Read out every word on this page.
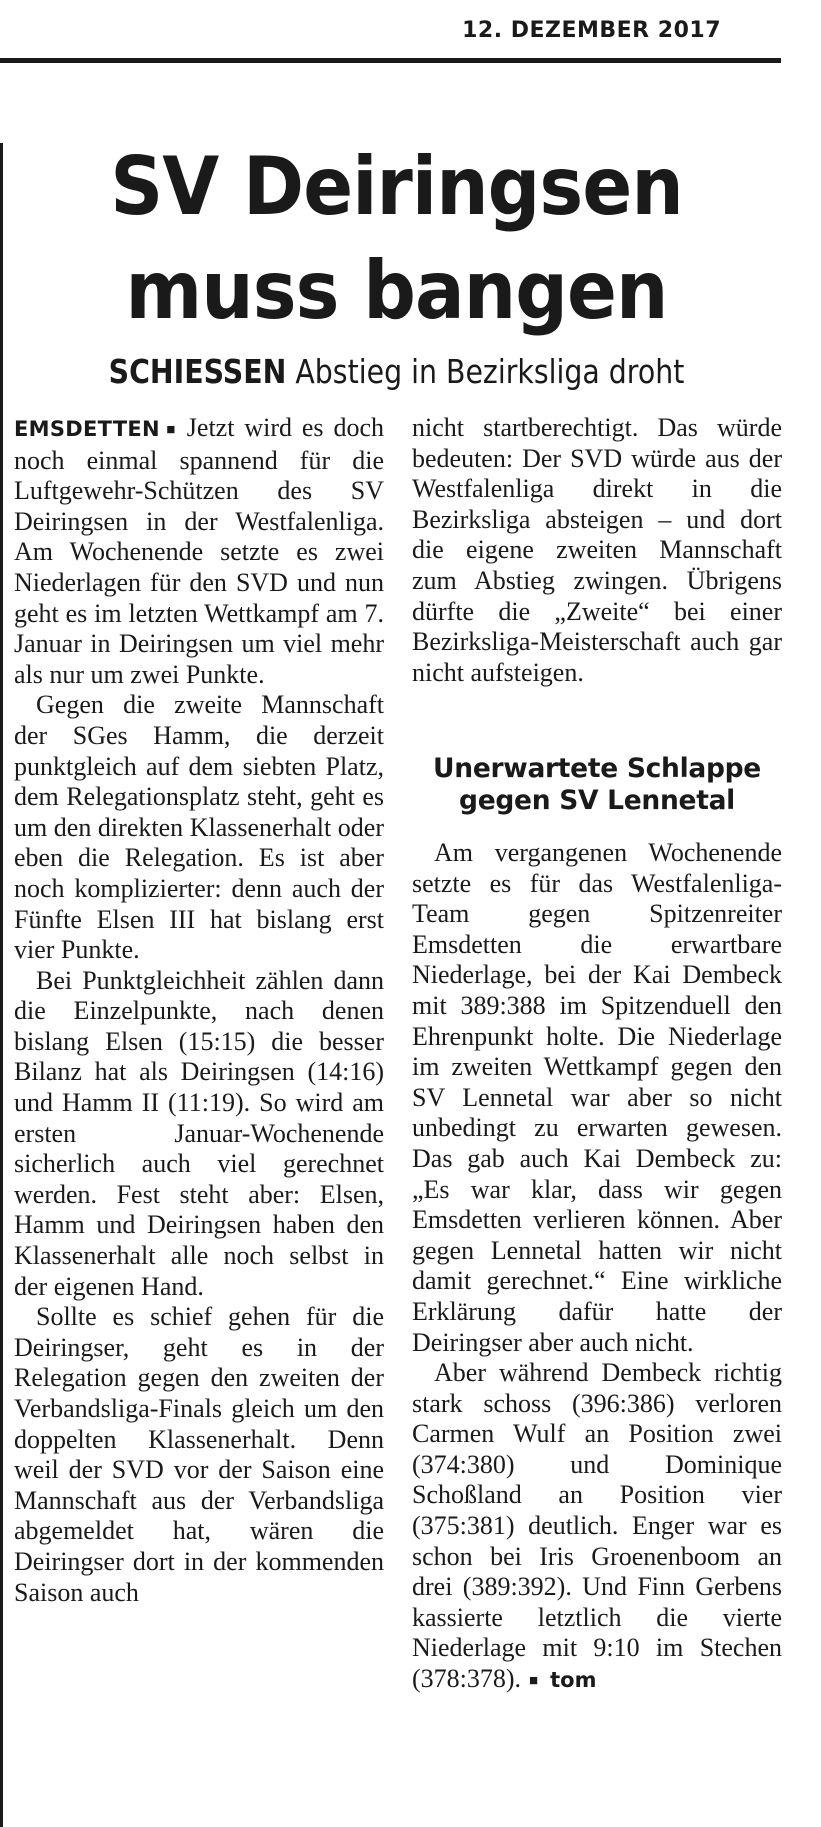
12. DEZEMBER 2017
SV Deiringsen
muss bangen
SCHIESSEN Abstieg in Bezirksliga droht

EMSDETTEN ■ Jetzt wird es doch noch einmal spannend für die Luftgewehr-Schützen des SV Deiringsen in der Westfalenliga. Am Wochenende setzte es zwei Niederlagen für den SVD und nun geht es im letzten Wettkampf am 7. Januar in Deiringsen um viel mehr als nur um zwei Punkte.

Gegen die zweite Mannschaft der SGes Hamm, die derzeit punktgleich auf dem siebten Platz, dem Relegationsplatz steht, geht es um den direkten Klassenerhalt oder eben die Relegation. Es ist aber noch komplizierter: denn auch der Fünfte Elsen III hat bislang erst vier Punkte.

Bei Punktgleichheit zählen dann die Einzelpunkte, nach denen bislang Elsen (15:15) die besser Bilanz hat als Deiringsen (14:16) und Hamm II (11:19). So wird am ersten Januar-Wochenende sicherlich auch viel gerechnet werden. Fest steht aber: Elsen, Hamm und Deiringsen haben den Klassenerhalt alle noch selbst in der eigenen Hand.

Sollte es schief gehen für die Deiringser, geht es in der Relegation gegen den zweiten der Verbandsliga-Finals gleich um den doppelten Klassenerhalt. Denn weil der SVD vor der Saison eine Mannschaft aus der Verbandsliga abgemeldet hat, wären die Deiringser dort in der kommenden Saison auch

nicht startberechtigt. Das würde bedeuten: Der SVD würde aus der Westfalenliga direkt in die Bezirksliga absteigen – und dort die eigene zweiten Mannschaft zum Abstieg zwingen. Übrigens dürfte die „Zweite“ bei einer Bezirksliga-Meisterschaft auch gar nicht aufsteigen.

Unerwartete Schlappe
gegen SV Lennetal

Am vergangenen Wochenende setzte es für das Westfalenliga-Team gegen Spitzenreiter Emsdetten die erwartbare Niederlage, bei der Kai Dembeck mit 389:388 im Spitzenduell den Ehrenpunkt holte. Die Niederlage im zweiten Wettkampf gegen den SV Lennetal war aber so nicht unbedingt zu erwarten gewesen. Das gab auch Kai Dembeck zu: „Es war klar, dass wir gegen Emsdetten verlieren können. Aber gegen Lennetal hatten wir nicht damit gerechnet.“ Eine wirkliche Erklärung dafür hatte der Deiringser aber auch nicht.

Aber während Dembeck richtig stark schoss (396:386) verloren Carmen Wulf an Position zwei (374:380) und Dominique Schoßland an Position vier (375:381) deutlich. Enger war es schon bei Iris Groenenboom an drei (389:392). Und Finn Gerbens kassierte letztlich die vierte Niederlage mit 9:10 im Stechen (378:378). ■ tom
